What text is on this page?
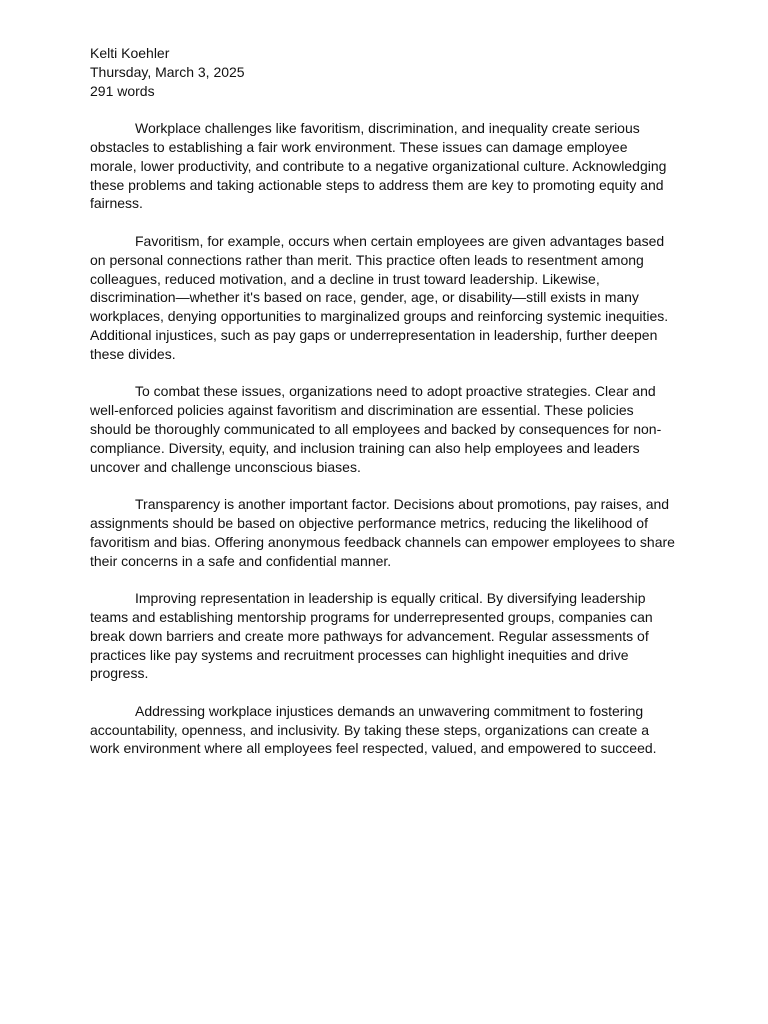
Kelti Koehler

Thursday, March 3, 2025

291 words

Workplace challenges like favoritism, discrimination, and inequality create serious obstacles to establishing a fair work environment. These issues can damage employee morale, lower productivity, and contribute to a negative organizational culture. Acknowledging these problems and taking actionable steps to address them are key to promoting equity and fairness.

Favoritism, for example, occurs when certain employees are given advantages based on personal connections rather than merit. This practice often leads to resentment among colleagues, reduced motivation, and a decline in trust toward leadership. Likewise, discrimination—whether it's based on race, gender, age, or disability—still exists in many workplaces, denying opportunities to marginalized groups and reinforcing systemic inequities. Additional injustices, such as pay gaps or underrepresentation in leadership, further deepen these divides.

To combat these issues, organizations need to adopt proactive strategies. Clear and well-enforced policies against favoritism and discrimination are essential. These policies should be thoroughly communicated to all employees and backed by consequences for non-compliance. Diversity, equity, and inclusion training can also help employees and leaders uncover and challenge unconscious biases.

Transparency is another important factor. Decisions about promotions, pay raises, and assignments should be based on objective performance metrics, reducing the likelihood of favoritism and bias. Offering anonymous feedback channels can empower employees to share their concerns in a safe and confidential manner.

Improving representation in leadership is equally critical. By diversifying leadership teams and establishing mentorship programs for underrepresented groups, companies can break down barriers and create more pathways for advancement. Regular assessments of practices like pay systems and recruitment processes can highlight inequities and drive progress.

Addressing workplace injustices demands an unwavering commitment to fostering accountability, openness, and inclusivity. By taking these steps, organizations can create a work environment where all employees feel respected, valued, and empowered to succeed.
